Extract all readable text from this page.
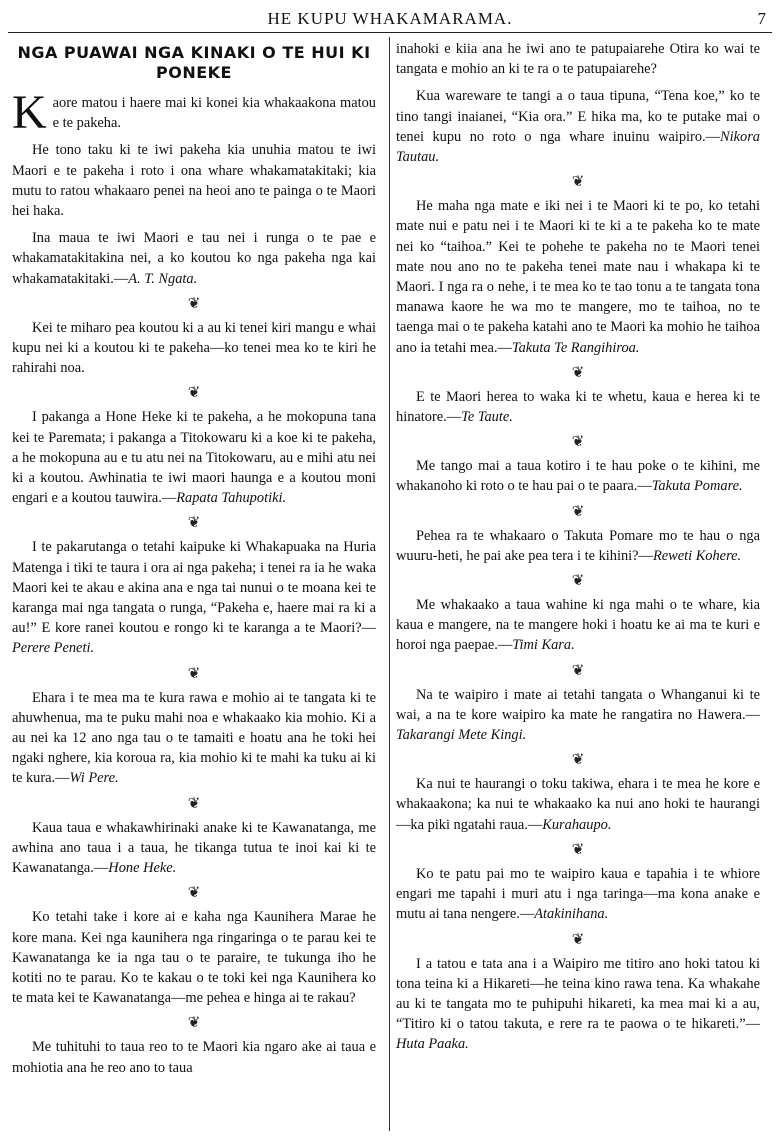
HE KUPU WHAKAMARAMA.	7
NGA PUAWAI NGA KINAKI O TE HUI KI PONEKE

Kaore matou i haere mai ki konei kia whakaakona matou e te pakeha.

He tono taku ki te iwi pakeha kia unuhia matou te iwi Maori e te pakeha i roto i ona whare whakamatakitaki; kia mutu to ratou whakaaro penei na heoi ano te painga o te Maori hei haka.

Ina maua te iwi Maori e tau nei i runga o te pae e whakamatakitakina nei, a ko koutou ko nga pakeha nga kai whakamatakitaki.—A. T. Ngata.

❦

Kei te miharo pea koutou ki a au ki tenei kiri mangu e whai kupu nei ki a koutou ki te pakeha—ko tenei mea ko te kiri he rahirahi noa.

❦

I pakanga a Hone Heke ki te pakeha, a he mokopuna tana kei te Paremata; i pakanga a Titokowaru ki a koe ki te pakeha, a he mokopuna au e tu atu nei na Titokowaru, au e mihi atu nei ki a koutou. Awhinatia te iwi maori haunga e a koutou moni engari e a koutou tauwira.—Rapata Tahupotiki.

❦

I te pakarutanga o tetahi kaipuke ki Whakapuaka na Huria Matenga i tiki te taura i ora ai nga pakeha; i tenei ra ia he waka Maori kei te akau e akina ana e nga tai nunui o te moana kei te karanga mai nga tangata o runga, “Pakeha e, haere mai ra ki a au!” E kore ranei koutou e rongo ki te karanga a te Maori?—Perere Peneti.

❦

Ehara i te mea ma te kura rawa e mohio ai te tangata ki te ahuwhenua, ma te puku mahi noa e whakaako kia mohio. Ki a au nei ka 12 ano nga tau o te tamaiti e hoatu ana he toki hei ngaki nghere, kia koroua ra, kia mohio ki te mahi ka tuku ai ki te kura.—Wi Pere.

❦

Kaua taua e whakawhirinaki anake ki te Kawanatanga, me awhina ano taua i a taua, he tikanga tutua te inoi kai ki te Kawanatanga.—Hone Heke.

❦

Ko tetahi take i kore ai e kaha nga Kaunihera Marae he kore mana. Kei nga kaunihera nga ringaringa o te parau kei te Kawanatanga ke ia nga tau o te paraire, te tukunga iho he kotiti no te parau. Ko te kakau o te toki kei nga Kaunihera ko te mata kei te Kawanatanga—me pehea e hinga ai te rakau?

❦

Me tuhituhi to taua reo to te Maori kia ngaro ake ai taua e mohiotia ana he reo ano to taua

inahoki e kiia ana he iwi ano te patupaiarehe Otira ko wai te tangata e mohio an ki te ra o te patupaiarehe?

Kua wareware te tangi a o taua tipuna, “Tena koe,” ko te tino tangi inaianei, “Kia ora.” E hika ma, ko te putake mai o tenei kupu no roto o nga whare inuinu waipiro.—Nikora Tautau.

❦

He maha nga mate e iki nei i te Maori ki te po, ko tetahi mate nui e patu nei i te Maori ki te ki a te pakeha ko te mate nei ko “taihoa.” Kei te pohehe te pakeha no te Maori tenei mate nou ano no te pakeha tenei mate nau i whakapa ki te Maori. I nga ra o nehe, i te mea ko te tao tonu a te tangata tona manawa kaore he wa mo te mangere, mo te taihoa, no te taenga mai o te pakeha katahi ano te Maori ka mohio he taihoa ano ia tetahi mea.—Takuta Te Rangihiroa.

❦

E te Maori herea to waka ki te whetu, kaua e herea ki te hinatore.—Te Taute.

❦

Me tango mai a taua kotiro i te hau poke o te kihini, me whakanoho ki roto o te hau pai o te paara.—Takuta Pomare.

❦

Pehea ra te whakaaro o Takuta Pomare mo te hau o nga wuuru-heti, he pai ake pea tera i te kihini?—Reweti Kohere.

❦

Me whakaako a taua wahine ki nga mahi o te whare, kia kaua e mangere, na te mangere hoki i hoatu ke ai ma te kuri e horoi nga paepae.—Timi Kara.

❦

Na te waipiro i mate ai tetahi tangata o Whanganui ki te wai, a na te kore waipiro ka mate he rangatira no Hawera.—Takarangi Mete Kingi.

❦

Ka nui te haurangi o toku takiwa, ehara i te mea he kore e whakaakona; ka nui te whakaako ka nui ano hoki te haurangi—ka piki ngatahi raua.—Kurahaupo.

❦

Ko te patu pai mo te waipiro kaua e tapahia i te whiore engari me tapahi i muri atu i nga taringa—ma kona anake e mutu ai tana nengere.—Atakinihana.

❦

I a tatou e tata ana i a Waipiro me titiro ano hoki tatou ki tona teina ki a Hikareti—he teina kino rawa tena. Ka whakahe au ki te tangata mo te puhipuhi hikareti, ka mea mai ki a au, “Titiro ki o tatou takuta, e rere ra te paowa o te hikareti.”—Huta Paaka.
